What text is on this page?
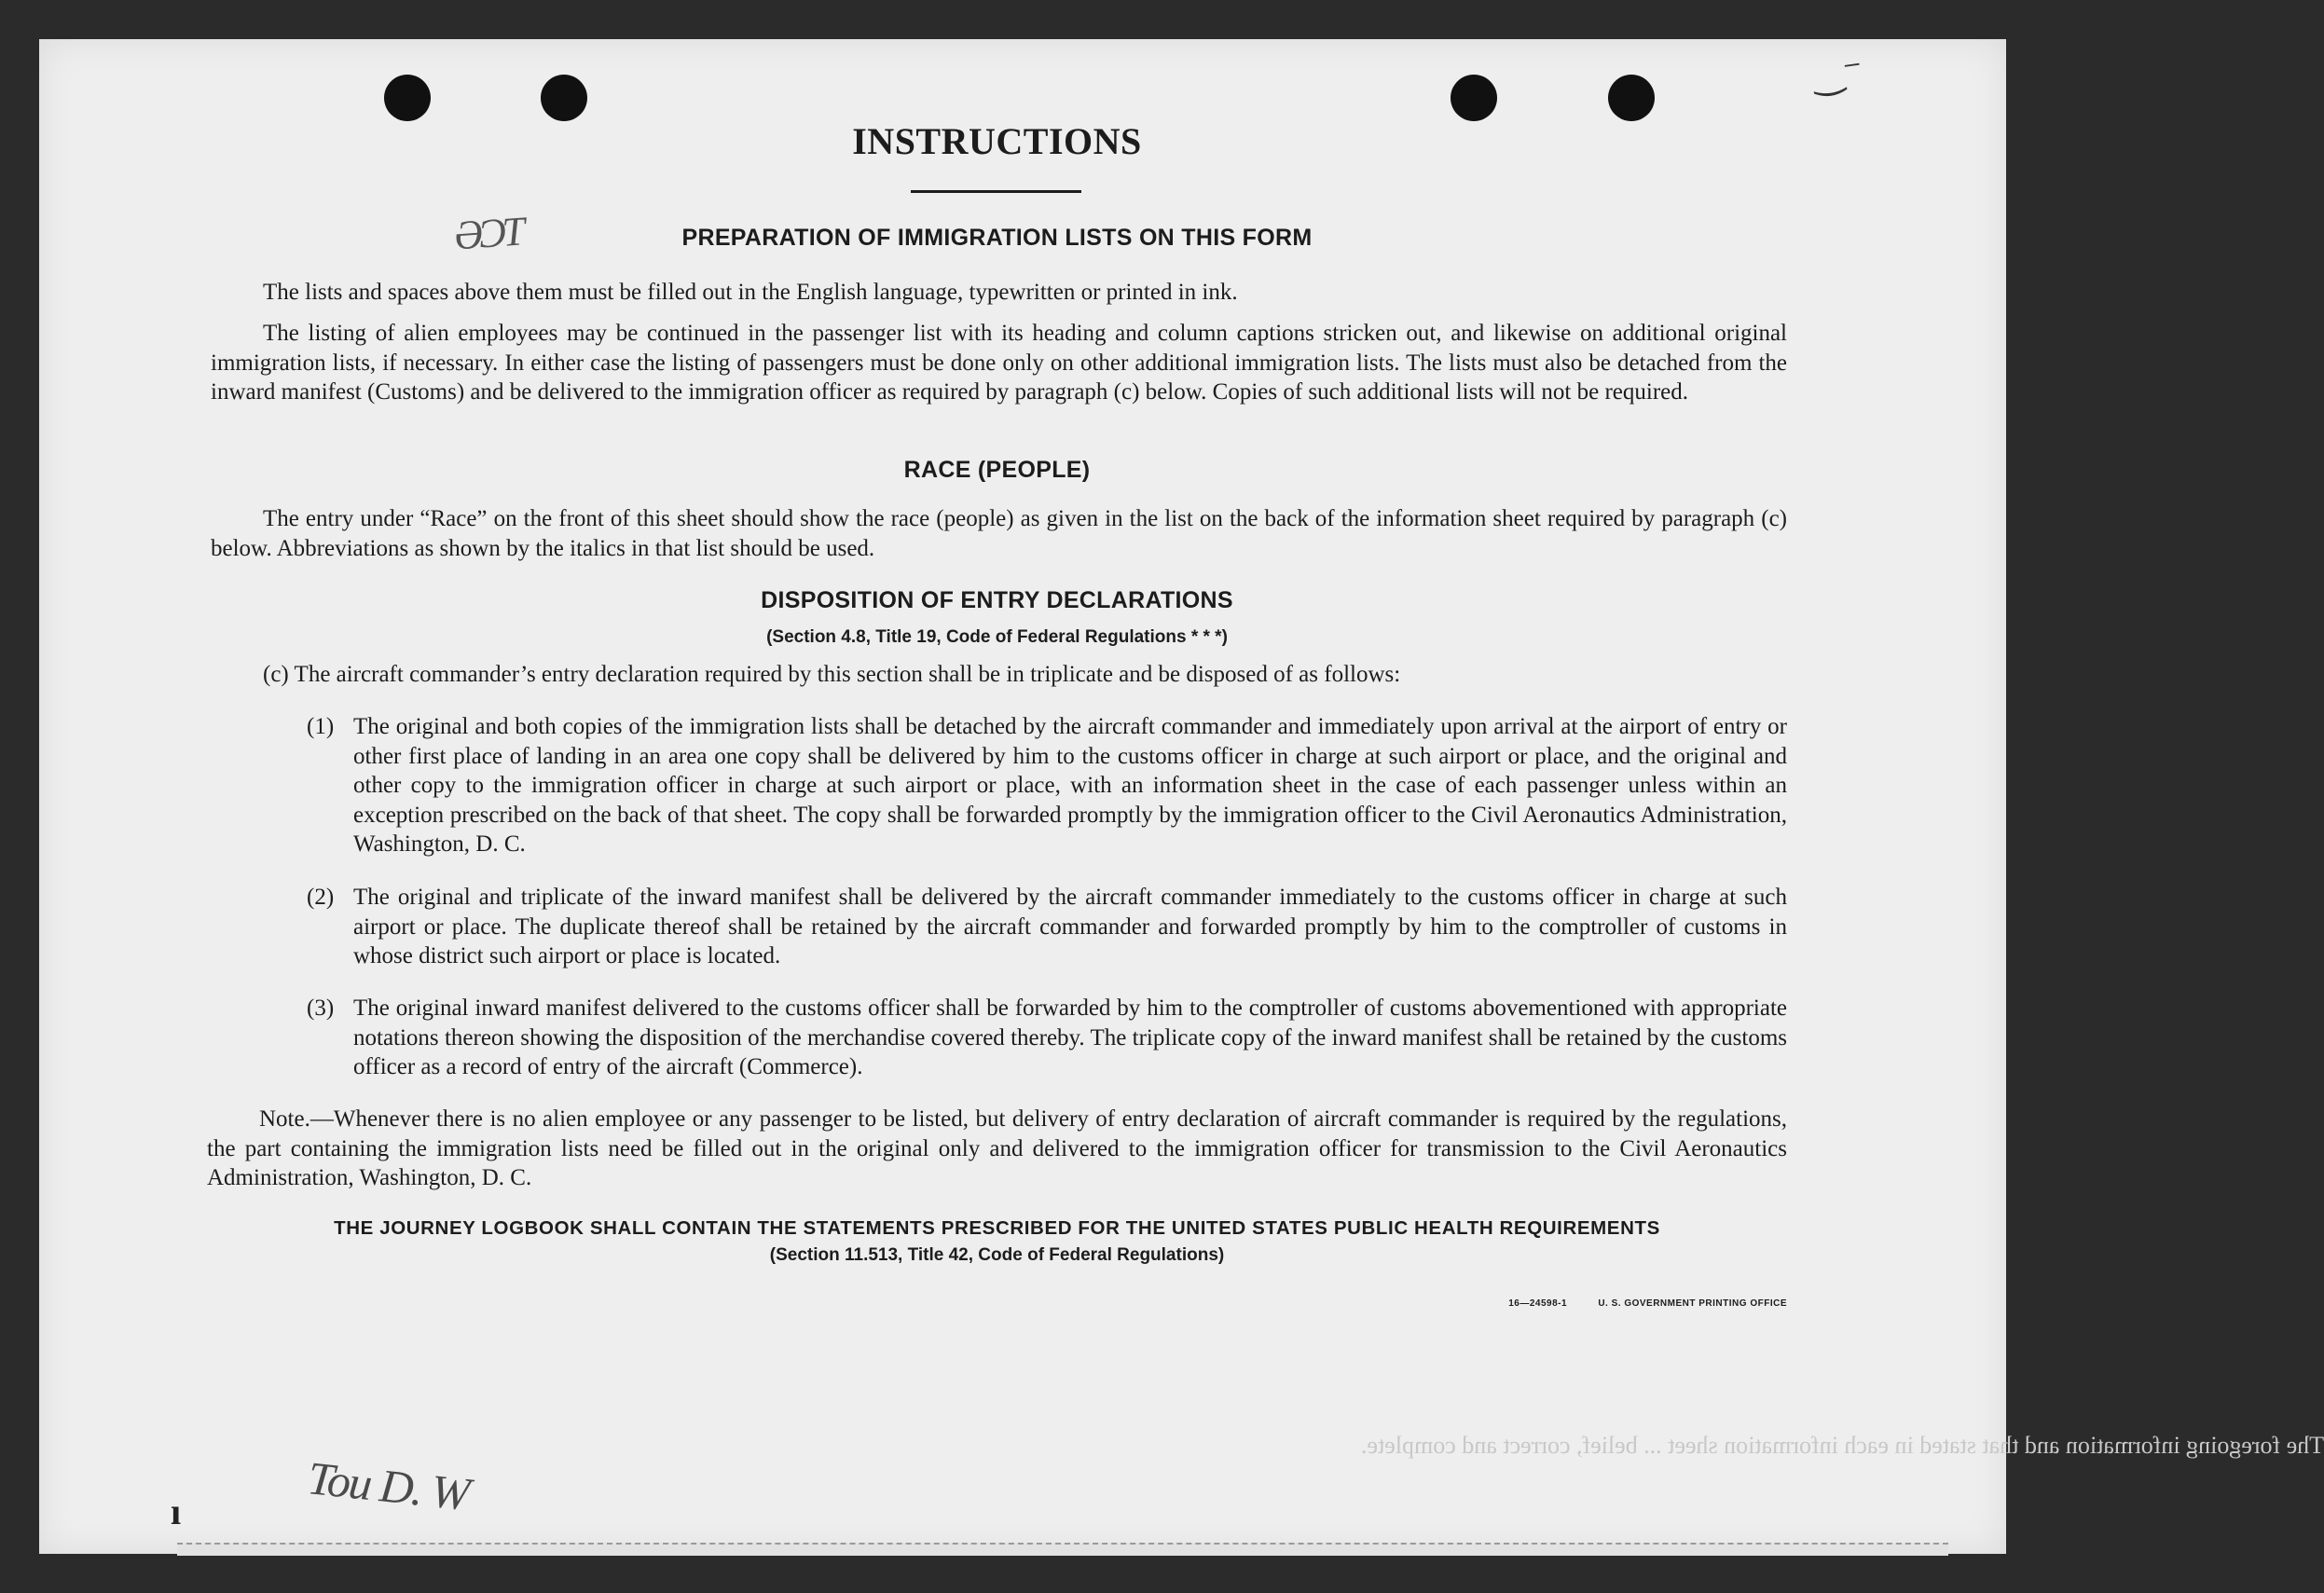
‿⁻
INSTRUCTIONS
ƏƆT	PREPARATION OF IMMIGRATION LISTS ON THIS FORM

The lists and spaces above them must be filled out in the English language, typewritten or printed in ink.

The listing of alien employees may be continued in the passenger list with its heading and column captions stricken out, and likewise on additional original immigration lists, if necessary. In either case the listing of passengers must be done only on other additional immigration lists. The lists must also be detached from the inward manifest (Customs) and be delivered to the immigration officer as required by paragraph (c) below. Copies of such additional lists will not be required.

RACE (PEOPLE)

The entry under “Race” on the front of this sheet should show the race (people) as given in the list on the back of the information sheet required by paragraph (c) below. Abbreviations as shown by the italics in that list should be used.

DISPOSITION OF ENTRY DECLARATIONS
(Section 4.8, Title 19, Code of Federal Regulations * * *)

(c) The aircraft commander’s entry declaration required by this section shall be in triplicate and be disposed of as follows:

(1) The original and both copies of the immigration lists shall be detached by the aircraft commander and immediately upon arrival at the airport of entry or other first place of landing in an area one copy shall be delivered by him to the customs officer in charge at such airport or place, and the original and other copy to the immigration officer in charge at such airport or place, with an information sheet in the case of each passenger unless within an exception prescribed on the back of that sheet. The copy shall be forwarded promptly by the immigration officer to the Civil Aeronautics Administration, Washington, D. C.

(2) The original and triplicate of the inward manifest shall be delivered by the aircraft commander immediately to the customs officer in charge at such airport or place. The duplicate thereof shall be retained by the aircraft commander and forwarded promptly by him to the comptroller of customs in whose district such airport or place is located.

(3) The original inward manifest delivered to the customs officer shall be forwarded by him to the comptroller of customs abovementioned with appropriate notations thereon showing the disposition of the merchandise covered thereby. The triplicate copy of the inward manifest shall be retained by the customs officer as a record of entry of the aircraft (Commerce).

Note.—Whenever there is no alien employee or any passenger to be listed, but delivery of entry declaration of aircraft commander is required by the regulations, the part containing the immigration lists need be filled out in the original only and delivered to the immigration officer for transmission to the Civil Aeronautics Administration, Washington, D. C.

THE JOURNEY LOGBOOK SHALL CONTAIN THE STATEMENTS PRESCRIBED FOR THE UNITED STATES PUBLIC HEALTH REQUIREMENTS
(Section 11.513, Title 42, Code of Federal Regulations)
16—24598-1	U. S. GOVERNMENT PRINTING OFFICE
The foregoing information and that stated in each information sheet ... belief, correct and complete.
Tou D. W
ı
